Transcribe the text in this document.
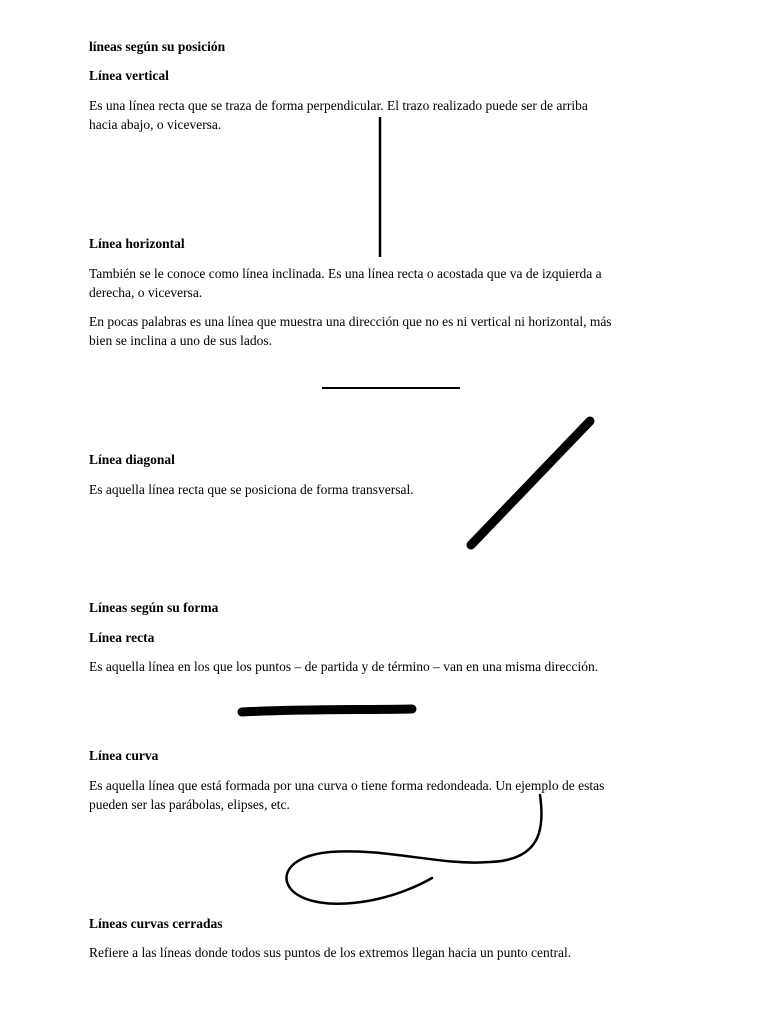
líneas según su posición

Línea vertical

Es una línea recta que se traza de forma perpendicular. El trazo realizado puede ser de arriba

hacia abajo, o viceversa.

Línea horizontal

También se le conoce como línea inclinada. Es una línea recta o acostada que va de izquierda a

derecha, o viceversa.

En pocas palabras es una línea que muestra una dirección que no es ni vertical ni horizontal, más

bien se inclina a uno de sus lados.

Línea diagonal

Es aquella línea recta que se posiciona de forma transversal.

Líneas según su forma

Línea recta

Es aquella línea en los que los puntos – de partida y de término – van en una misma dirección.

Línea curva

Es aquella línea que está formada por una curva o tiene forma redondeada. Un ejemplo de estas

pueden ser las parábolas, elipses, etc.

Líneas curvas cerradas

Refiere a las líneas donde todos sus puntos de los extremos llegan hacia un punto central.
